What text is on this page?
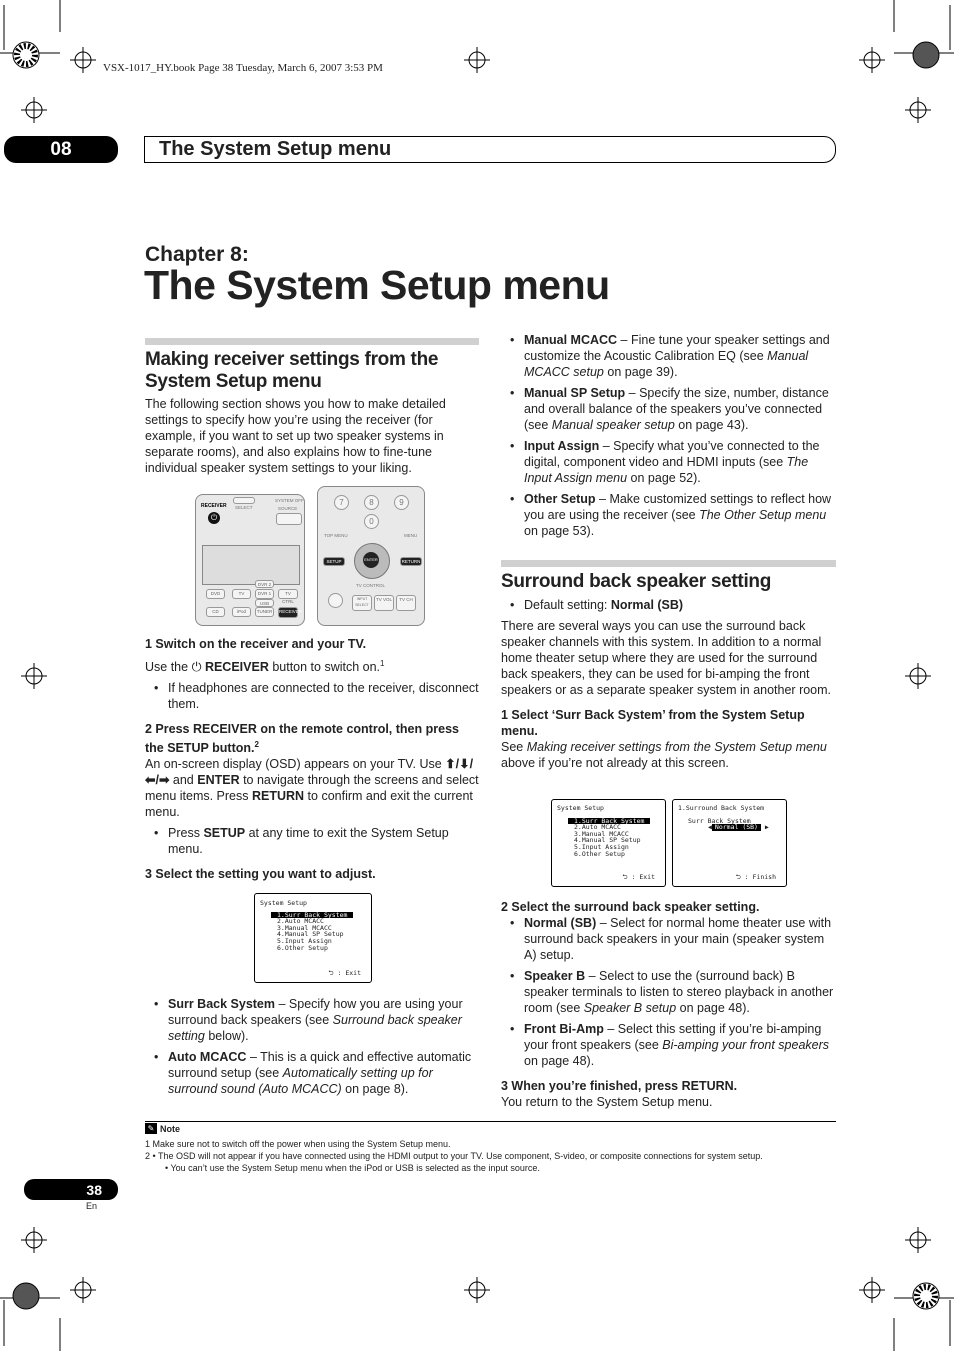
VSX-1017_HY.book Page 38 Tuesday, March 6, 2007 3:53 PM
08	The System Setup menu
Chapter 8:
The System Setup menu
Making receiver settings from the System Setup menu

The following section shows you how to make detailed settings to specify how you’re using the receiver (for example, if you want to set up two speaker systems in separate rooms), and also explains how to fine-tune individual speaker system settings to your liking.

RECEIVER
⏻
SELECT
SYSTEM OFF
SOURCE
DVD	TV	DVR 1	TV CTRL
DVR 2
CD	iPod	TUNER
USB
RECEIVER
7	8	9
0
TOP MENU	MENU
ENTER
SETUP	RETURN
TV CONTROL
INPUT SELECT
TV VOL	TV CH
1 Switch on the receiver and your TV.

Use the ⏻ RECEIVER button to switch on.$^1$

• If headphones are connected to the receiver, disconnect them.
2 Press RECEIVER on the remote control, then press the SETUP button.$^2$

An on-screen display (OSD) appears on your TV. Use ⬆/⬇/⬅/➡ and ENTER to navigate through the screens and select menu items. Press RETURN to confirm and exit the current menu.

• Press SETUP at any time to exit the System Setup menu.
3 Select the setting you want to adjust.
System Setup
1.Surr Back System
2.Auto MCACC
3.Manual MCACC
4.Manual SP Setup
5.Input Assign
6.Other Setup
⮌ : Exit
• Surr Back System – Specify how you are using your surround back speakers (see Surround back speaker setting below).
• Auto MCACC – This is a quick and effective automatic surround setup (see Automatically setting up for surround sound (Auto MCACC) on page 8).
• Manual MCACC – Fine tune your speaker settings and customize the Acoustic Calibration EQ (see Manual MCACC setup on page 39).
• Manual SP Setup – Specify the size, number, distance and overall balance of the speakers you’ve connected (see Manual speaker setup on page 43).
• Input Assign – Specify what you’ve connected to the digital, component video and HDMI inputs (see The Input Assign menu on page 52).
• Other Setup – Make customized settings to reflect how you are using the receiver (see The Other Setup menu on page 53).
Surround back speaker setting
• Default setting: Normal (SB)

There are several ways you can use the surround back speaker channels with this system. In addition to a normal home theater setup where they are used for the surround back speakers, they can be used for bi-amping the front speakers or as a separate speaker system in another room.

1 Select ‘Surr Back System’ from the System Setup menu.

See Making receiver settings from the System Setup menu above if you’re not already at this screen.

System Setup
1.Surr Back System
2.Auto MCACC
3.Manual MCACC
4.Manual SP Setup
5.Input Assign
6.Other Setup
⮌ : Exit
1.Surround Back System
Surr Back System
◀ Normal (SB) ▶
⮌ : Finish
2 Select the surround back speaker setting.
• Normal (SB) – Select for normal home theater use with surround back speakers in your main (speaker system A) setup.
• Speaker B – Select to use the (surround back) B speaker terminals to listen to stereo playback in another room (see Speaker B setup on page 48).
• Front Bi-Amp – Select this setting if you’re bi-amping your front speakers (see Bi-amping your front speakers on page 48).
3 When you’re finished, press RETURN.

You return to the System Setup menu.

✎ Note
1 Make sure not to switch off the power when using the System Setup menu.
2 • The OSD will not appear if you have connected using the HDMI output to your TV. Use component, S-video, or composite connections for system setup.
• You can’t use the System Setup menu when the iPod or USB is selected as the input source.
38
En
